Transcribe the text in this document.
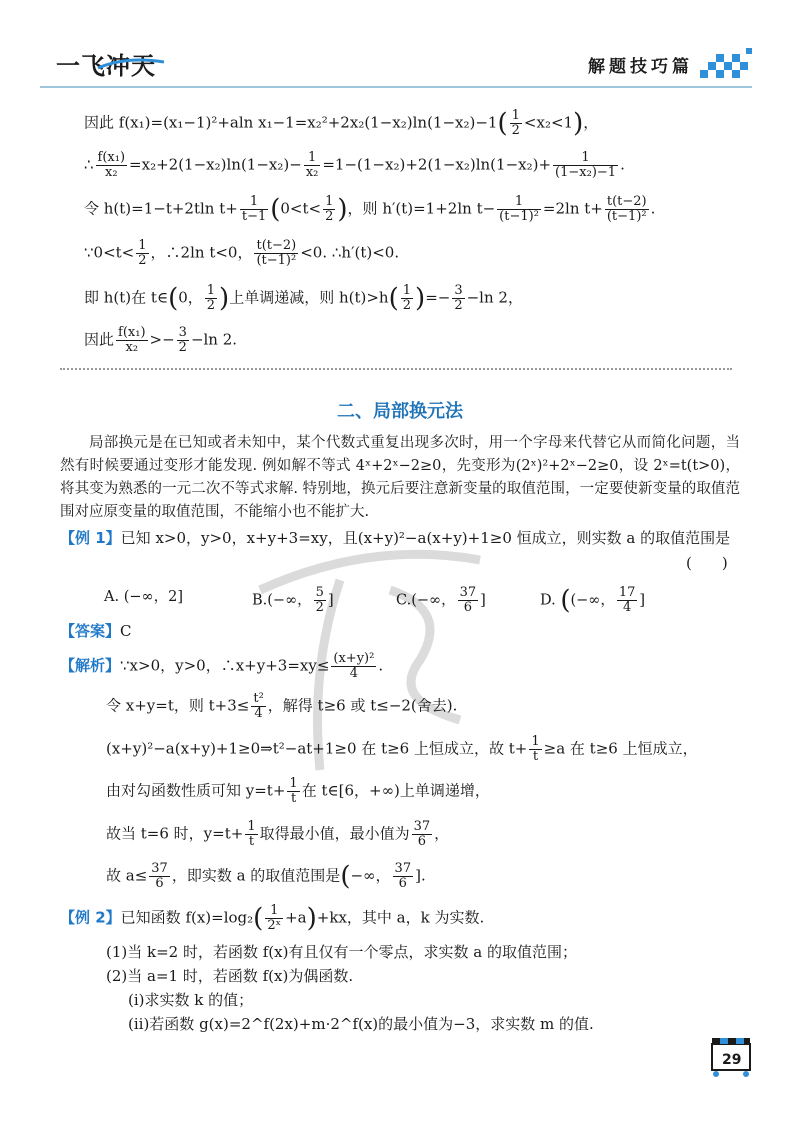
一飞冲天	解题技巧篇
因此 f(x₁)=(x₁−1)²+aln $x_1-1=x_2^2+2x_2(1-x_2)\ln(1-x_2)-1( \frac{1}{2} <x_2<1)$，
∴ $\frac{\text{f(x₁)}}{\text{x₂}} =x_2+2(1-x_2)\ln(1-x_2)- \frac{1}{\text{x₂}} =1-(1-x_2)+2(1-x_2)\ln(1-x_2)+ \frac{1}{\text{(1−x₂)−1}}$ .
令 h(t)=1−t+2tln $t+ \frac{1}{t-1} (0<t< \frac{1}{2}$ )，则 h′(t)=1+2ln $t- \frac{1}{\text{(t−1)²}} =2\ln$ $t+ \frac{t(t-2)}{\text{(t−1)²}}$ .
∵0<t< $\frac{1}{2}$ ，∴2ln t<0， $\frac{t(t-2)}{\text{(t−1)²}} <0$. ∴h′(t)<0.
即 h(t)在 t∈(0， $\frac{1}{2}$ )上单调递减，则 $h(t)>h( \frac{1}{2}$ )=− $\frac{3}{2} -\ln$ 2，
因此 $\frac{\text{f(x₁)}}{\text{x₂}} >- \frac{3}{2} -\ln$ 2.
二、局部换元法
局部换元是在已知或者未知中，某个代数式重复出现多次时，用一个字母来代替它从而简化问题，当然有时候要通过变形才能发现. 例如解不等式 4ˣ+2ˣ−2≥0，先变形为(2ˣ)²+2ˣ−2≥0，设 2ˣ=t(t>0)，将其变为熟悉的一元二次不等式求解. 特别地，换元后要注意新变量的取值范围，一定要使新变量的取值范围对应原变量的取值范围，不能缩小也不能扩大.
【例 1】已知 x>0，y>0，x+y+3=xy，且(x+y)²−a(x+y)+1≥0 恒成立，则实数 a 的取值范围是
(　　)
A. (−∞，2]	B.(−∞， $\frac{5}{2}$ ]	C.(−∞， $\frac{37}{6}$ ]	D. ((−∞， $\frac{17}{4}$ ]
【答案】C
【解析】∵x>0，y>0，∴x+y+3=xy≤ $\frac{\text{(x+y)²}}{4}$ .
令 x+y=t，则 $t+3\le \frac{\text{t²}}{4}$ ，解得 t≥6 或 t≤−2(舍去).
(x+y)²−a(x+y)+1≥0⇒t²−at+1≥0 在 t≥6 上恒成立，故 $t+ \frac{1}{t} \ge a$ 在 t≥6 上恒成立，
由对勾函数性质可知 $y=t+ \frac{1}{t}$ 在 t∈[6，+∞)上单调递增，
故当 t=6 时，$y=t+ \frac{1}{t}$ 取得最小值，最小值为 $\frac{37}{6}$ ，
故 $a\le \frac{37}{6}$ ，即实数 a 的取值范围是(−∞， $\frac{37}{6}$ ].
【例 2】已知函数 $f(x)=\log_2( \frac{1}{\text{2ˣ}} +a)+kx$，其中 a，k 为实数.
(1)当 k=2 时，若函数 f(x)有且仅有一个零点，求实数 a 的取值范围；
(2)当 a=1 时，若函数 f(x)为偶函数.
(ⅰ)求实数 k 的值；
(ⅱ)若函数 g(x)=2^f(2x)+m·2^f(x)的最小值为−3，求实数 m 的值.
29
